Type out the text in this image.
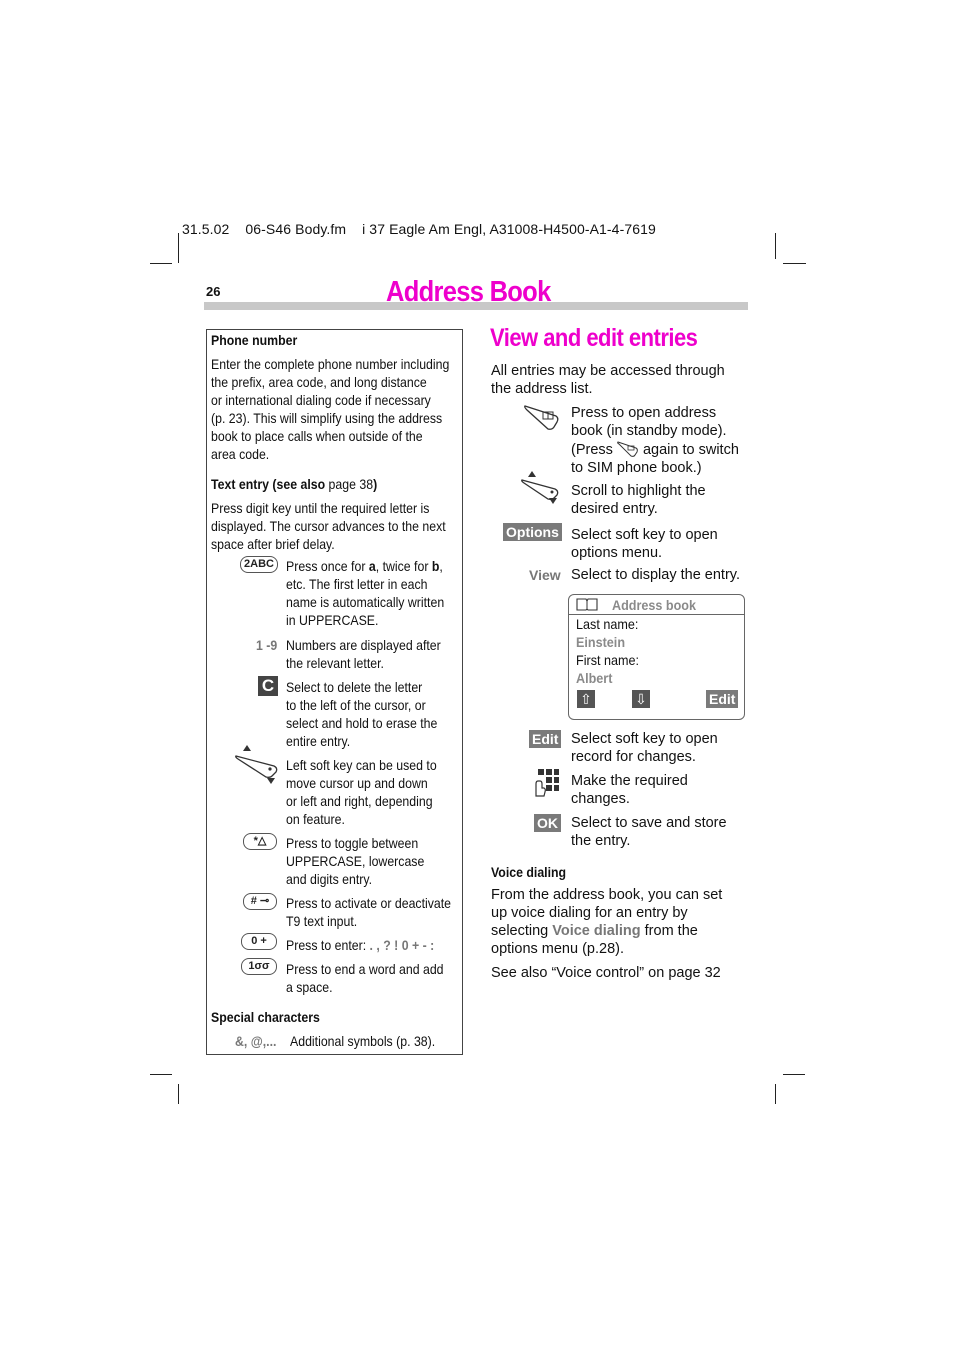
31.5.02 06-S46 Body.fm i 37 Eagle Am Engl, A31008-H4500-A1-4-7619
26	Address Book
Phone number
Enter the complete phone number including
the prefix, area code, and long distance
or international dialing code if necessary
(p. 23). This will simplify using the address
book to place calls when outside of the
area code.
Text entry (see also page 38)
Press digit key until the required letter is
displayed. The cursor advances to the next
space after brief delay.
2ABC Press once for a, twice for b,
etc. The first letter in each
name is automatically written
in UPPERCASE.
1 -9 Numbers are displayed after
the relevant letter.
C Select to delete the letter
to the left of the cursor, or
select and hold to erase the
entire entry.
Left soft key can be used to
move cursor up and down
or left and right, depending
on feature.
*△	Press to toggle between
UPPERCASE, lowercase
and digits entry.
# ⊸	Press to activate or deactivate
T9 text input.
0 +	Press to enter: . , ? ! 0 + - :
1σσ	Press to end a word and add
a space.
Special characters
&, @,... Additional symbols (p. 38).
View and edit entries
All entries may be accessed through
the address list.
Press to open address
book (in standby mode).
(Press again to switch
to SIM phone book.)
Scroll to highlight the
desired entry.
Options Select soft key to open
options menu.
View Select to display the entry.
Address book
Last name:
Einstein
First name:
Albert
⇧	⇩	Edit
Edit Select soft key to open
record for changes.
Make the required
changes.
OK Select to save and store
the entry.
Voice dialing
From the address book, you can set
up voice dialing for an entry by
selecting Voice dialing from the
options menu (p.28).
See also “Voice control” on page 32
